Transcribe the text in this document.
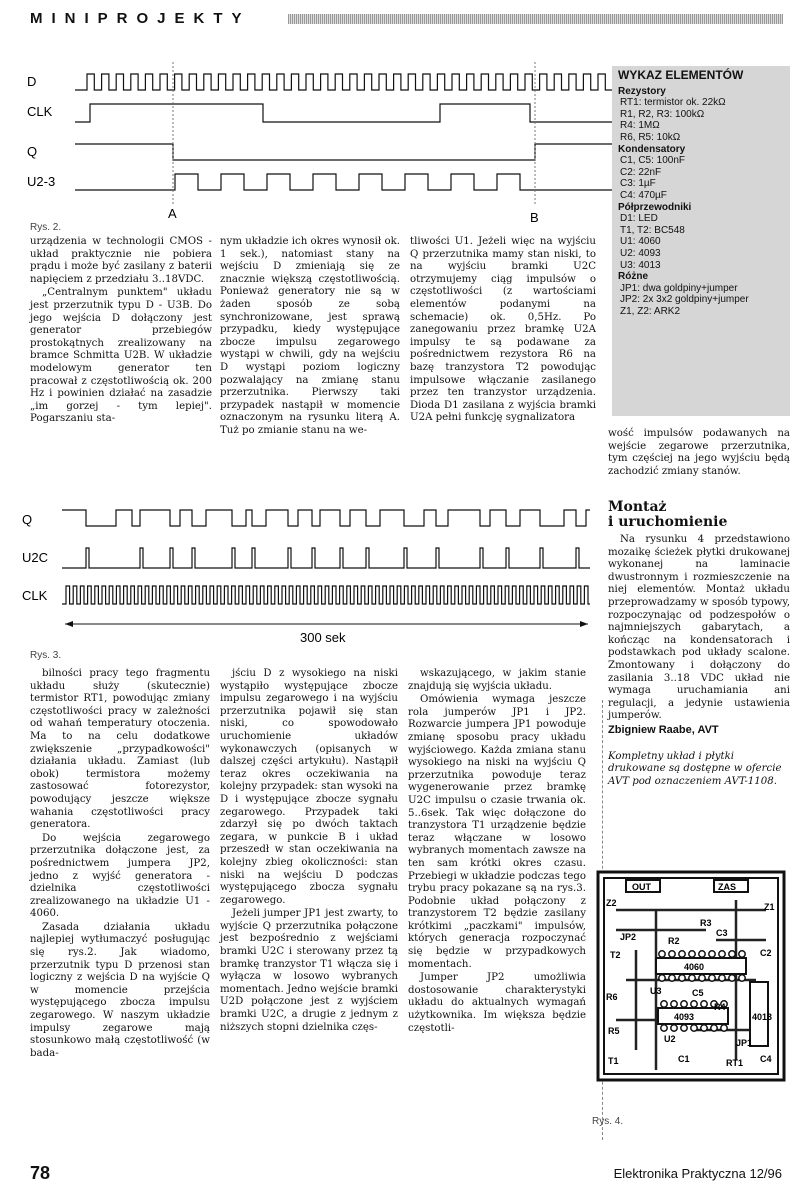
MINIPROJEKTY
D
CLK
Q
U2-3
A	B
Rys. 2.
WYKAZ ELEMENTÓW
Rezystory
RT1: termistor ok. 22kΩ
R1, R2, R3: 100kΩ
R4: 1MΩ
R6, R5: 10kΩ
Kondensatory
C1, C5: 100nF
C2: 22nF
C3: 1µF
C4: 470µF
Półprzewodniki
D1: LED
T1, T2: BC548
U1: 4060
U2: 4093
U3: 4013
Różne
JP1: dwa goldpiny+jumper
JP2: 2x 3x2 goldpiny+jumper
Z1, Z2: ARK2

urządzenia w technologii CMOS - układ praktycznie nie pobiera prądu i może być zasilany z baterii napięciem z przedziału 3..18VDC.

„Centralnym punktem" układu jest przerzutnik typu D - U3B. Do jego wejścia D dołączony jest generator przebiegów prostokątnych zrealizowany na bramce Schmitta U2B. W układzie modelowym generator ten pracował z częstotliwością ok. 200 Hz i powinien działać na zasadzie „im gorzej - tym lepiej". Pogarszaniu sta-

nym układzie ich okres wynosił ok. 1 sek.), natomiast stany na wejściu D zmieniają się ze znacznie większą częstotliwością. Ponieważ generatory nie są w żaden sposób ze sobą synchronizowane, jest sprawą przypadku, kiedy występujące zbocze impulsu zegarowego wystąpi w chwili, gdy na wejściu D wystąpi poziom logiczny pozwalający na zmianę stanu przerzutnika. Pierwszy taki przypadek nastąpił w momencie oznaczonym na rysunku literą A. Tuż po zmianie stanu na we-

tliwości U1. Jeżeli więc na wyjściu Q przerzutnika mamy stan niski, to na wyjściu bramki U2C otrzymujemy ciąg impulsów o częstotliwości (z wartościami elementów podanymi na schemacie) ok. 0,5Hz. Po zanegowaniu przez bramkę U2A impulsy te są podawane za pośrednictwem rezystora R6 na bazę tranzystora T2 powodując impulsowe włączanie zasilanego przez ten tranzystor urządzenia. Dioda D1 zasilana z wyjścia bramki U2A pełni funkcję sygnalizatora

wość impulsów podawanych na wejście zegarowe przerzutnika, tym częściej na jego wyjściu będą zachodzić zmiany stanów.

Q
U2C
CLK
300 sek
Rys. 3.
Montaż
i uruchomienie

Na rysunku 4 przedstawiono mozaikę ścieżek płytki drukowanej wykonanej na laminacie dwustronnym i rozmieszczenie na niej elementów. Montaż układu przeprowadzamy w sposób typowy, rozpoczynając od podzespołów o najmniejszych gabarytach, a kończąc na kondensatorach i podstawkach pod układy scalone. Zmontowany i dołączony do zasilania 3..18 VDC układ nie wymaga uruchamiania ani regulacji, a jedynie ustawienia jumperów.

Zbigniew Raabe, AVT

Kompletny układ i płytki drukowane są dostępne w ofercie AVT pod oznaczeniem AVT-1108.

bilności pracy tego fragmentu układu służy (skutecznie) termistor RT1, powodując zmiany częstotliwości pracy w zależności od wahań temperatury otoczenia. Ma to na celu dodatkowe zwiększenie „przypadkowości" działania układu. Zamiast (lub obok) termistora możemy zastosować fotorezystor, powodujący jeszcze większe wahania częstotliwości pracy generatora.

Do wejścia zegarowego przerzutnika dołączone jest, za pośrednictwem jumpera JP2, jedno z wyjść generatora - dzielnika częstotliwości zrealizowanego na układzie U1 - 4060.

Zasada działania układu najlepiej wytłumaczyć posługując się rys.2. Jak wiadomo, przerzutnik typu D przenosi stan logiczny z wejścia D na wyjście Q w momencie przejścia występującego zbocza impulsu zegarowego. W naszym układzie impulsy zegarowe mają stosunkowo małą częstotliwość (w bada-

jściu D z wysokiego na niski wystąpiło występujące zbocze impulsu zegarowego i na wyjściu przerzutnika pojawił się stan niski, co spowodowało uruchomienie układów wykonawczych (opisanych w dalszej części artykułu). Nastąpił teraz okres oczekiwania na kolejny przypadek: stan wysoki na D i występujące zbocze sygnału zegarowego. Przypadek taki zdarzył się po dwóch taktach zegara, w punkcie B i układ przeszedł w stan oczekiwania na kolejny zbieg okoliczności: stan niski na wejściu D podczas występującego zbocza sygnału zegarowego.

Jeżeli jumper JP1 jest zwarty, to wyjście Q przerzutnika połączone jest bezpośrednio z wejściami bramki U2C i sterowany przez tą bramkę tranzystor T1 włącza się i wyłącza w losowo wybranych momentach. Jedno wejście bramki U2D połączone jest z wyjściem bramki U2C, a drugie z jednym z niższych stopni dzielnika częs-

wskazującego, w jakim stanie znajdują się wyjścia układu.

Omówienia wymaga jeszcze rola jumperów JP1 i JP2. Rozwarcie jumpera JP1 powoduje zmianę sposobu pracy układu wyjściowego. Każda zmiana stanu wysokiego na niski na wyjściu Q przerzutnika powoduje teraz wygenerowanie przez bramkę U2C impulsu o czasie trwania ok. 5..6sek. Tak więc dołączone do tranzystora T1 urządzenie będzie teraz włączane w losowo wybranych momentach zawsze na ten sam krótki okres czasu. Przebiegi w układzie podczas tego trybu pracy pokazane są na rys.3. Podobnie układ połączony z tranzystorem T2 będzie zasilany krótkimi „paczkami" impulsów, których generacja rozpoczynać się będzie w przypadkowych momentach.

Jumper JP2 umożliwia dostosowanie charakterystyki układu do aktualnych wymagań użytkownika. Im większa będzie częstotli-

OUT	ZAS
Z2	Z1
JP2
R3
T2
R2
C3
4060
C2
R6
U3	C5
R4
4013
R5
4093
JP1
T1
U2
C1	RT1 C4
Rys. 4.
78	Elektronika Praktyczna 12/96
